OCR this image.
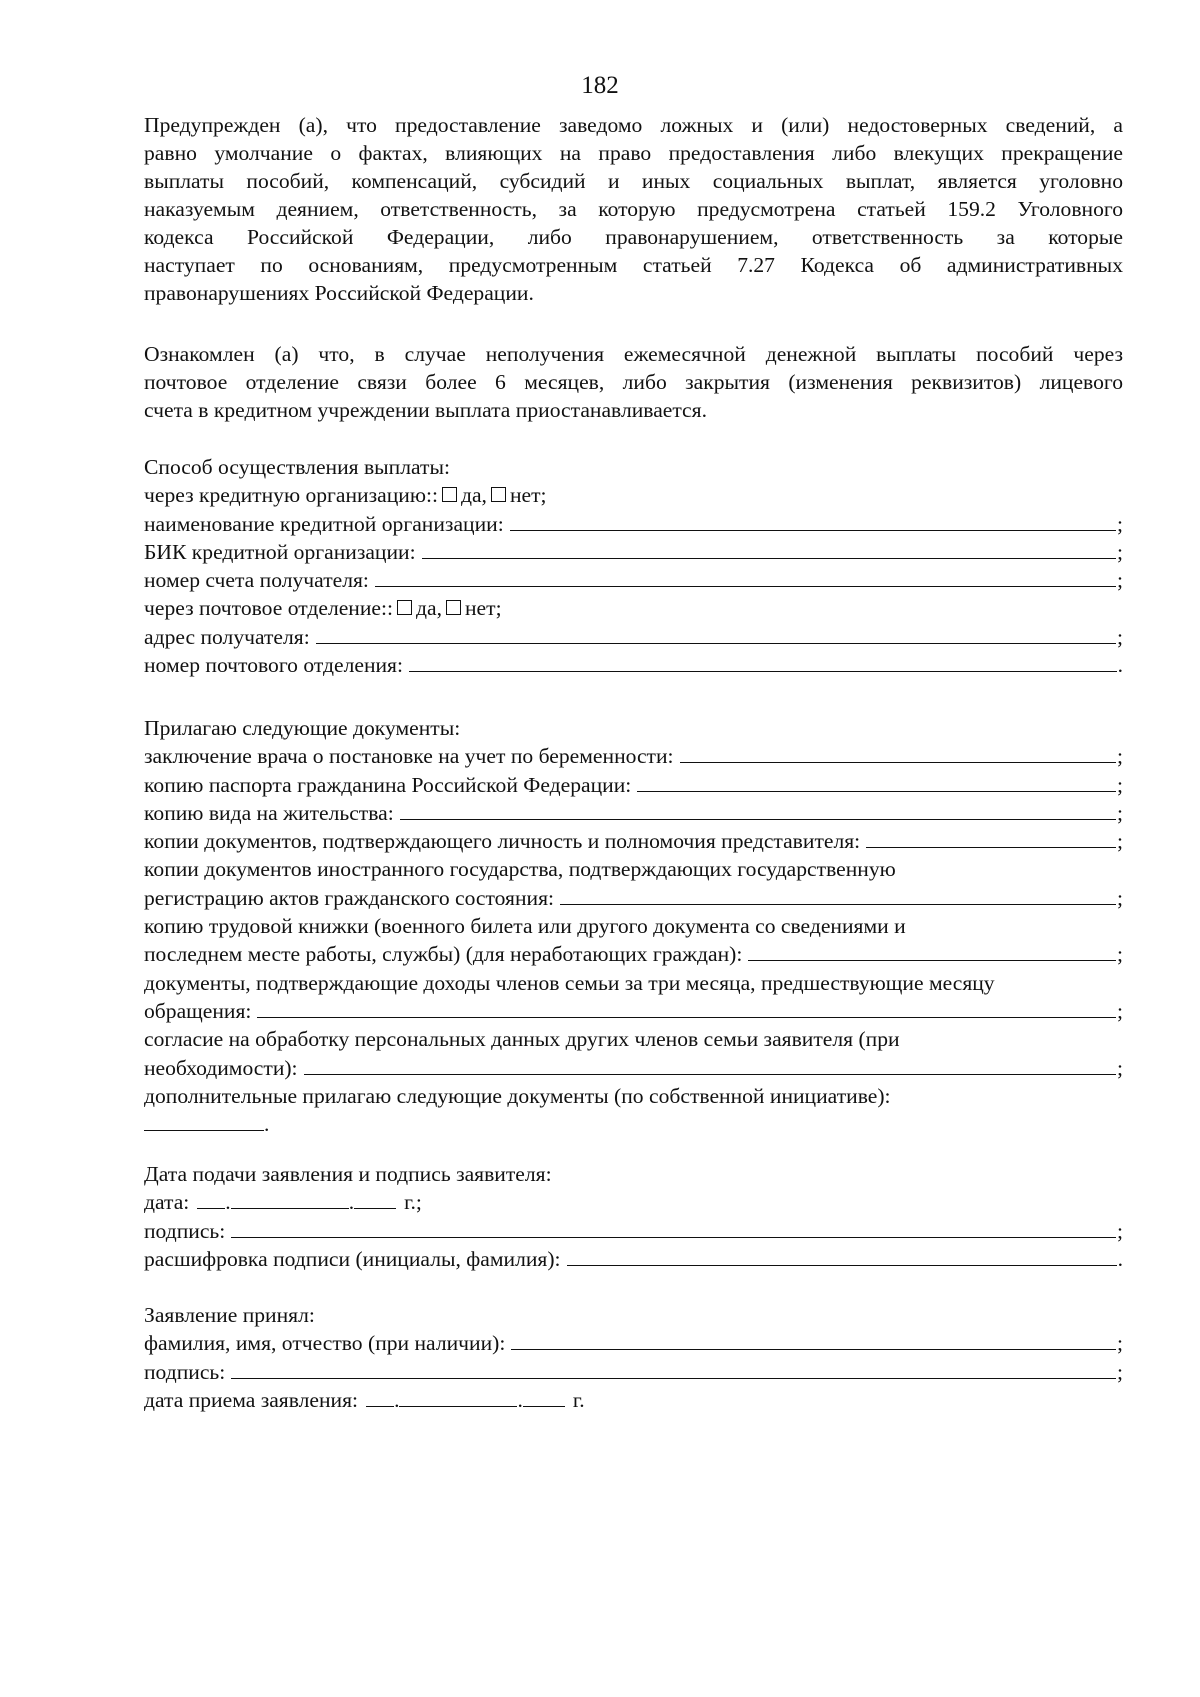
182
Предупрежден (а), что предоставление заведомо ложных и (или) недостоверных сведений, а
равно умолчание о фактах, влияющих на право предоставления либо влекущих прекращение
выплаты пособий, компенсаций, субсидий и иных социальных выплат, является уголовно
наказуемым деянием, ответственность, за которую предусмотрена статьей 159.2 Уголовного
кодекса Российской Федерации, либо правонарушением, ответственность за которые
наступает по основаниям, предусмотренным статьей 7.27 Кодекса об административных
правонарушениях Российской Федерации.
Ознакомлен (а) что, в случае неполучения ежемесячной денежной выплаты пособий через
почтовое отделение связи более 6 месяцев, либо закрытия (изменения реквизитов) лицевого
счета в кредитном учреждении выплата приостанавливается.
Способ осуществления выплаты:
через кредитную организацию:: да, нет;
наименование кредитной организации:	;
БИК кредитной организации:	;
номер счета получателя:	;
через почтовое отделение:: да, нет;
адрес получателя:	;
номер почтового отделения:	.
Прилагаю следующие документы:
заключение врача о постановке на учет по беременности:	;
копию паспорта гражданина Российской Федерации:	;
копию вида на жительства:	;
копии документов, подтверждающего личность и полномочия представителя:	;
копии документов иностранного государства, подтверждающих государственную
регистрацию актов гражданского состояния:	;
копию трудовой книжки (военного билета или другого документа со сведениями и
последнем месте работы, службы) (для неработающих граждан):	;
документы, подтверждающие доходы членов семьи за три месяца, предшествующие месяцу
обращения:	;
согласие на обработку персональных данных других членов семьи заявителя (при
необходимости):	;
дополнительные прилагаю следующие документы (по собственной инициативе):
.
Дата подачи заявления и подпись заявителя:
дата: .	. г.;
подпись:	;
расшифровка подписи (инициалы, фамилия):	.
Заявление принял:
фамилия, имя, отчество (при наличии):	;
подпись:	;
дата приема заявления: .	. г.
